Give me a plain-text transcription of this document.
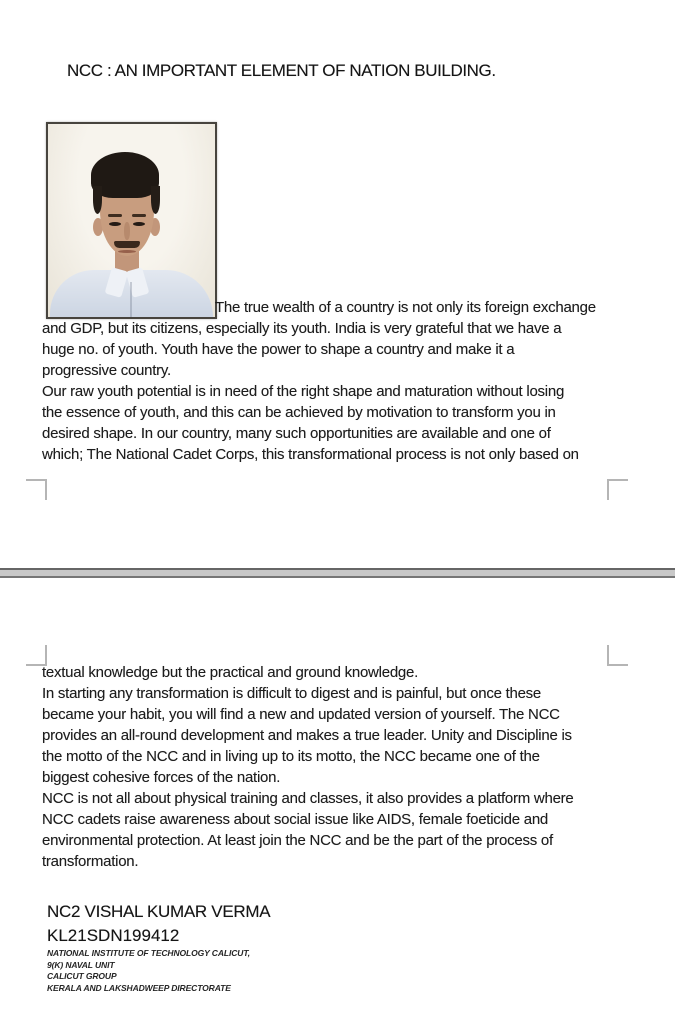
NCC : AN IMPORTANT ELEMENT OF NATION BUILDING.
The true wealth of a country is not only its foreign exchange
and GDP, but its citizens, especially its youth. India is very grateful that we have a
huge no. of youth. Youth have the power to shape a country and make it a
progressive country.
Our raw youth potential is in need of the right shape and maturation without losing
the essence of youth, and this can be achieved by motivation to transform you in
desired shape. In our country, many such opportunities are available and one of
which; The National Cadet Corps, this transformational process is not only based on
textual knowledge but the practical and ground knowledge.
In starting any transformation is difficult to digest and is painful, but once these
became your habit, you will find a new and updated version of yourself. The NCC
provides an all-round development and makes a true leader. Unity and Discipline is
the motto of the NCC and in living up to its motto, the NCC became one of the
biggest cohesive forces of the nation.
NCC is not all about physical training and classes, it also provides a platform where
NCC cadets raise awareness about social issue like AIDS, female foeticide and
environmental protection. At least join the NCC and be the part of the process of
transformation.
NC2 VISHAL KUMAR VERMA
KL21SDN199412
NATIONAL INSTITUTE OF TECHNOLOGY CALICUT,
9(K) NAVAL UNIT
CALICUT GROUP
KERALA AND LAKSHADWEEP DIRECTORATE
